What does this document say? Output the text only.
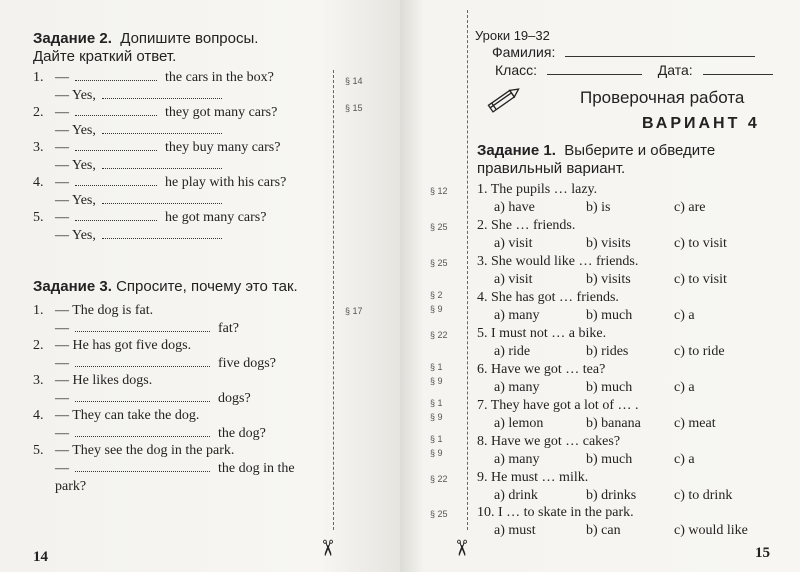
Задание 2. Допишите вопросы.
Дайте краткий ответ.
1. —	the cars in the box?
— Yes,
§ 14
2. —	they got many cars?
— Yes,
§ 15
3. —	they buy many cars?
— Yes,
4. —	he play with his cars?
— Yes,
5. —	he got many cars?
— Yes,
Задание 3. Спросите, почему это так.
§ 17
1. — The dog is fat.
—	fat?
2. — He has got five dogs.
—	five dogs?
3. — He likes dogs.
—	dogs?
4. — They can take the dog.
—	the dog?
5. — They see the dog in the park.
—	the dog in the
park?
14	✂	✂
Уроки 19–32
Фамилия:
Класс:	Дата:
Проверочная работа
ВАРИАНТ 4
Задание 1. Выберите и обведите
правильный вариант.
§ 12 1. The pupils … lazy.
a) have	b) is	c) are
§ 25 2. She … friends.
a) visit	b) visits	c) to visit
§ 25 3. She would like … friends.
a) visit	b) visits	c) to visit
§ 2
§ 9
4. She has got … friends.
a) many	b) much	c) a
§ 22 5. I must not … a bike.
a) ride	b) rides	c) to ride
§ 1
§ 9
6. Have we got … tea?
a) many	b) much	c) a
§ 1
§ 9
7. They have got a lot of … .
a) lemon	b) banana c) meat
§ 1
§ 9
8. Have we got … cakes?
a) many	b) much	c) a
§ 22 9. He must … milk.
a) drink	b) drinks	c) to drink
§ 25 10. I … to skate in the park.
a) must	b) can	c) would like
15
